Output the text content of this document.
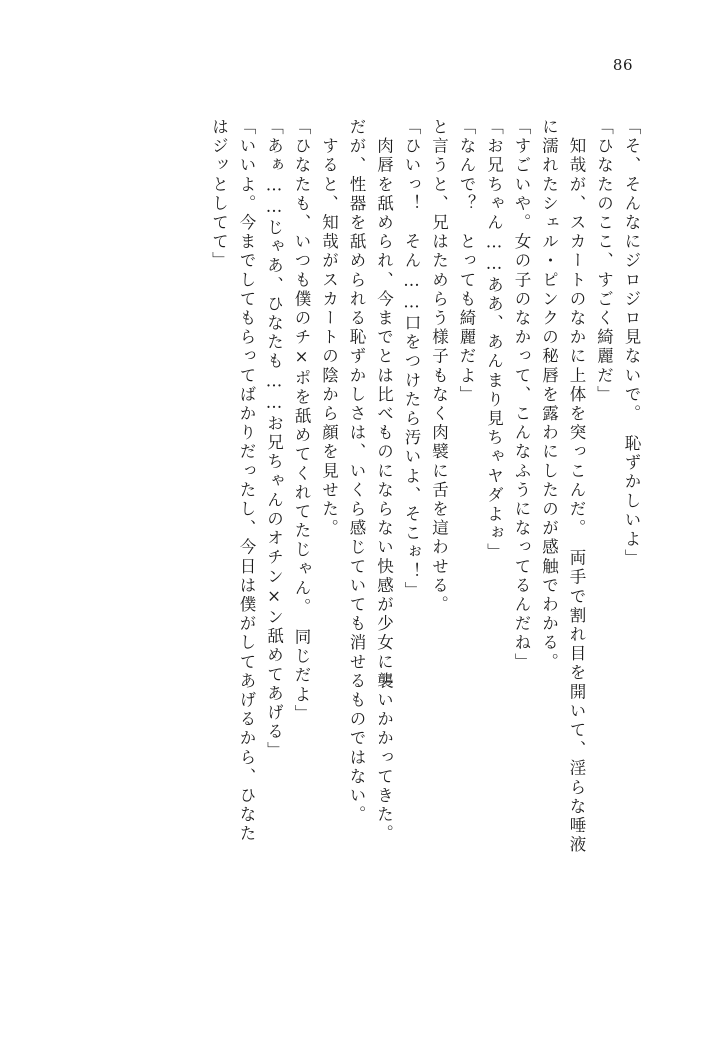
86
はジッとしてて」 「いいよ。今までしてもらってばかりだったし、今日は僕がしてあげるから、ひなた 「あぁ……じゃあ、ひなたも……お兄ちゃんのオチン×ン舐めてあげる」 「ひなたも、いつも僕のチ×ポを舐めてくれてたじゃん。　同じだよ」 　すると、知哉がスカートの陰から顔を見せた。 だが、性器を舐められる恥ずかしさは、いくら感じていても消せるものではない。 　肉唇を舐められ、今までとは比べものにならない快感が少女に襲いかかってきた。 「ひいっ！　そん……口をつけたら汚いよ、そこぉ！」 と言うと、兄はためらう様子もなく肉襞に舌を這わせる。 「なんで？　とっても綺麗だよ」 「お兄ちゃん……ああ、あんまり見ちゃヤダよぉ」 「すごいや。女の子のなかって、こんなふうになってるんだね」 に濡れたシェル・ピンクの秘唇を露わにしたのが感触でわかる。 　知哉が、スカートのなかに上体を突っこんだ。　両手で割れ目を開いて、淫らな唾液 「ひなたのここ、すごく綺麗だ」 「そ、そんなにジロジロ見ないで。　恥ずかしいよ」
